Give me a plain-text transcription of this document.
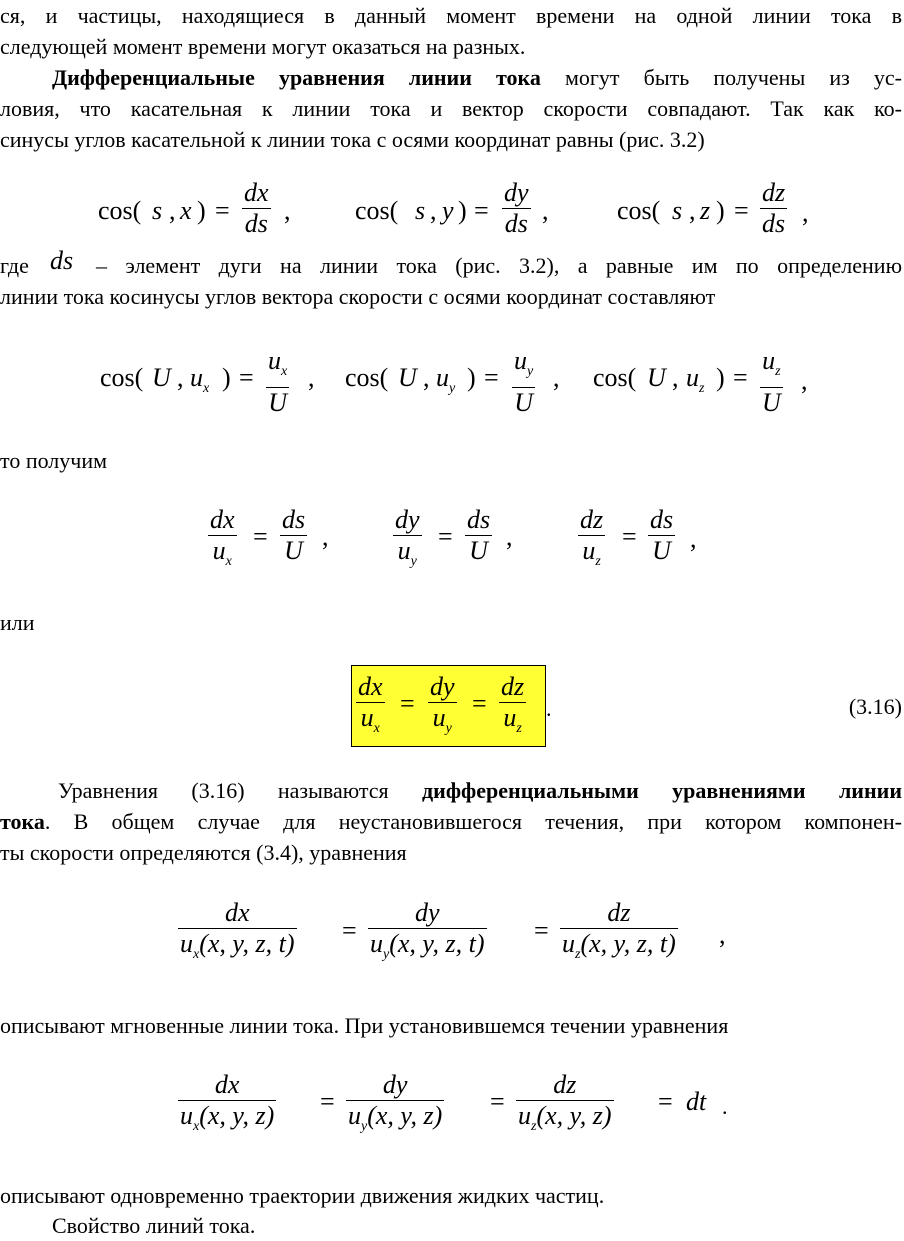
ся, и частицы, находящиеся в данный момент времени на одной линии тока в
следующей момент времени могут оказаться на разных.
Дифференциальные уравнения линии тока могут быть получены из ус-
ловия, что касательная к линии тока и вектор скорости совпадают. Так как ко-
синусы углов касательной к линии тока с осями координат равны (рис. 3.2)
cos( s , x ) =
dx
ds , cos( s , y ) =
dy
ds ,	cos( s , z ) =
dz
ds ,
где ds – элемент дуги на линии тока (рис. 3.2), а равные им по определению
линии тока косинусы углов вектора скорости с осями координат составляют
cos( U , $u_x$ ) =
$u_x$
U
, cos( U , $u_y$ ) =
$u_y$
U
, cos( U , $u_z$ ) =
$u_z$
U
,
то получим
dx
$u_x$
=
ds
U ,
dy
$u_y$
=
ds
U ,
dz
$u_z$
=
ds
U ,
или
dx
$u_x$
=
dy
$u_y$
=
dz
$u_z$
.	(3.16)
Уравнения (3.16) называются дифференциальными уравнениями линии
тока. В общем случае для неустановившегося течения, при котором компонен-
ты скорости определяются (3.4), уравнения
dx
$u_x(x$, y, z, t) =
dy
$u_y(x$, y, z, t) =
dz
$u_z(x$, y, z, t) ,
описывают мгновенные линии тока. При установившемся течении уравнения
dx
$u_x(x$, y, z) =
dy
$u_y(x$, y, z) =
dz
$u_z(x$, y, z) = dt .
описывают одновременно траектории движения жидких частиц.
Свойство линий тока.
